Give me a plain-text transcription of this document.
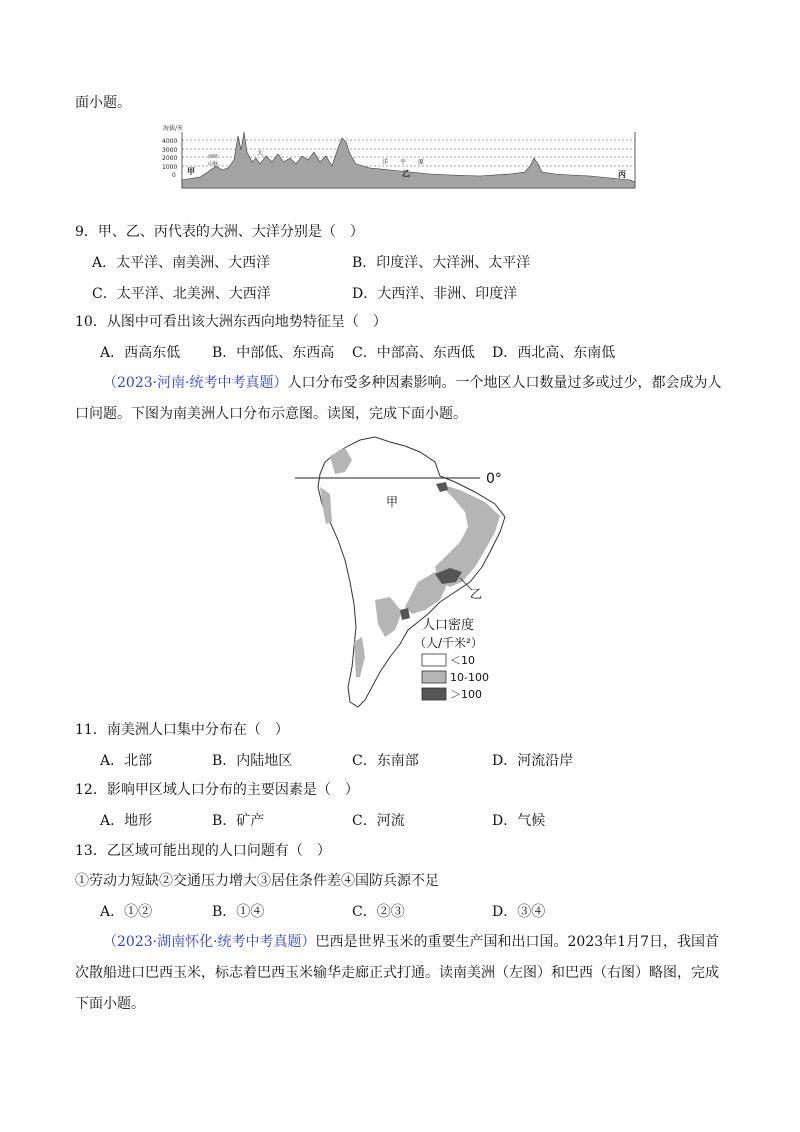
面小题。
海拔/米
4000
3000
2000
1000
0
西经
山脉
大
洋 平 原
甲	乙	丙
9．甲、乙、丙代表的大洲、大洋分别是（　）
A．太平洋、南美洲、大西洋	B．印度洋、大洋洲、太平洋
C．太平洋、北美洲、大西洋	D．大西洋、非洲、印度洋
10．从图中可看出该大洲东西向地势特征呈（　）
A．西高东低 B．中部低、东西高 C．中部高、东西低 D．西北高、东南低
（2023·河南·统考中考真题）人口分布受多种因素影响。一个地区人口数量过多或过少，都会成为人
口问题。下图为南美洲人口分布示意图。读图，完成下面小题。
0°
甲
乙
人口密度
（人/千米²）
＜10
10-100
＞100
11．南美洲人口集中分布在（　）
A．北部	B．内陆地区	C．东南部	D．河流沿岸
12．影响甲区域人口分布的主要因素是（　）
A．地形	B．矿产	C．河流	D．气候
13．乙区域可能出现的人口问题有（　）
①劳动力短缺②交通压力增大③居住条件差④国防兵源不足
A．①②	B．①④	C．②③	D．③④
（2023·湖南怀化·统考中考真题）巴西是世界玉米的重要生产国和出口国。2023年1月7日，我国首
次散船进口巴西玉米，标志着巴西玉米输华走廊正式打通。读南美洲（左图）和巴西（右图）略图，完成
下面小题。
